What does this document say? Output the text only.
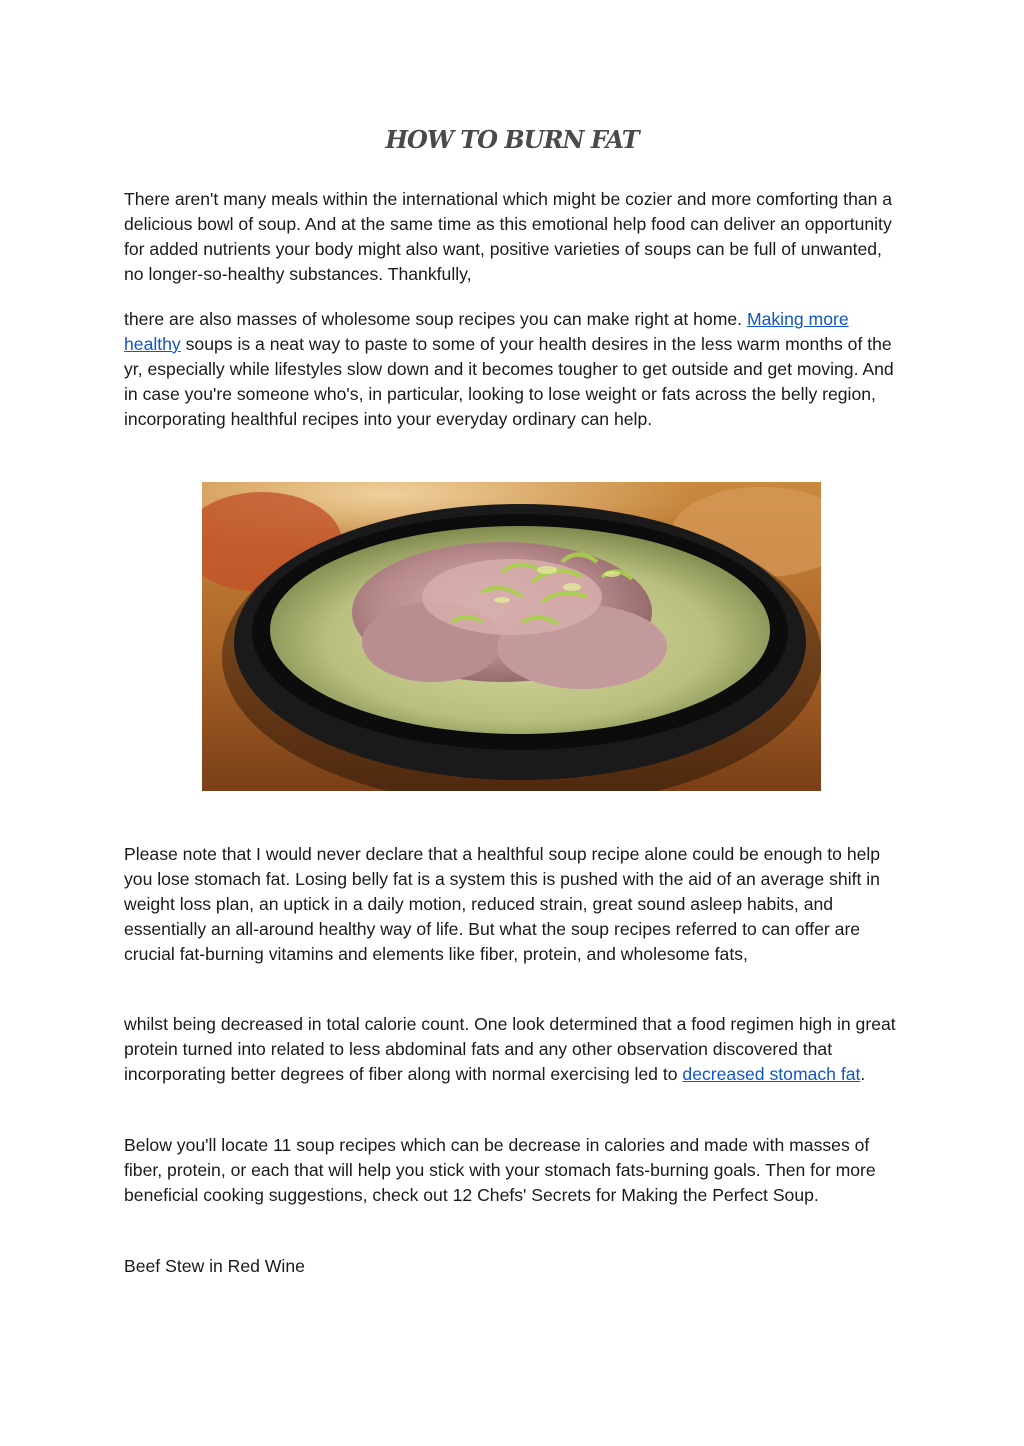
HOW TO BURN FAT

There aren't many meals within the international which might be cozier and more comforting than a delicious bowl of soup. And at the same time as this emotional help food can deliver an opportunity for added nutrients your body might also want, positive varieties of soups can be full of unwanted, no longer-so-healthy substances. Thankfully,

there are also masses of wholesome soup recipes you can make right at home. Making more healthy soups is a neat way to paste to some of your health desires in the less warm months of the yr, especially while lifestyles slow down and it becomes tougher to get outside and get moving. And in case you're someone who's, in particular, looking to lose weight or fats across the belly region, incorporating healthful recipes into your everyday ordinary can help.

Please note that I would never declare that a healthful soup recipe alone could be enough to help you lose stomach fat. Losing belly fat is a system this is pushed with the aid of an average shift in weight loss plan, an uptick in a daily motion, reduced strain, great sound asleep habits, and essentially an all-around healthy way of life. But what the soup recipes referred to can offer are crucial fat-burning vitamins and elements like fiber, protein, and wholesome fats,

whilst being decreased in total calorie count. One look determined that a food regimen high in great protein turned into related to less abdominal fats and any other observation discovered that incorporating better degrees of fiber along with normal exercising led to decreased stomach fat.

Below you'll locate 11 soup recipes which can be decrease in calories and made with masses of fiber, protein, or each that will help you stick with your stomach fats-burning goals. Then for more beneficial cooking suggestions, check out 12 Chefs' Secrets for Making the Perfect Soup.

Beef Stew in Red Wine
